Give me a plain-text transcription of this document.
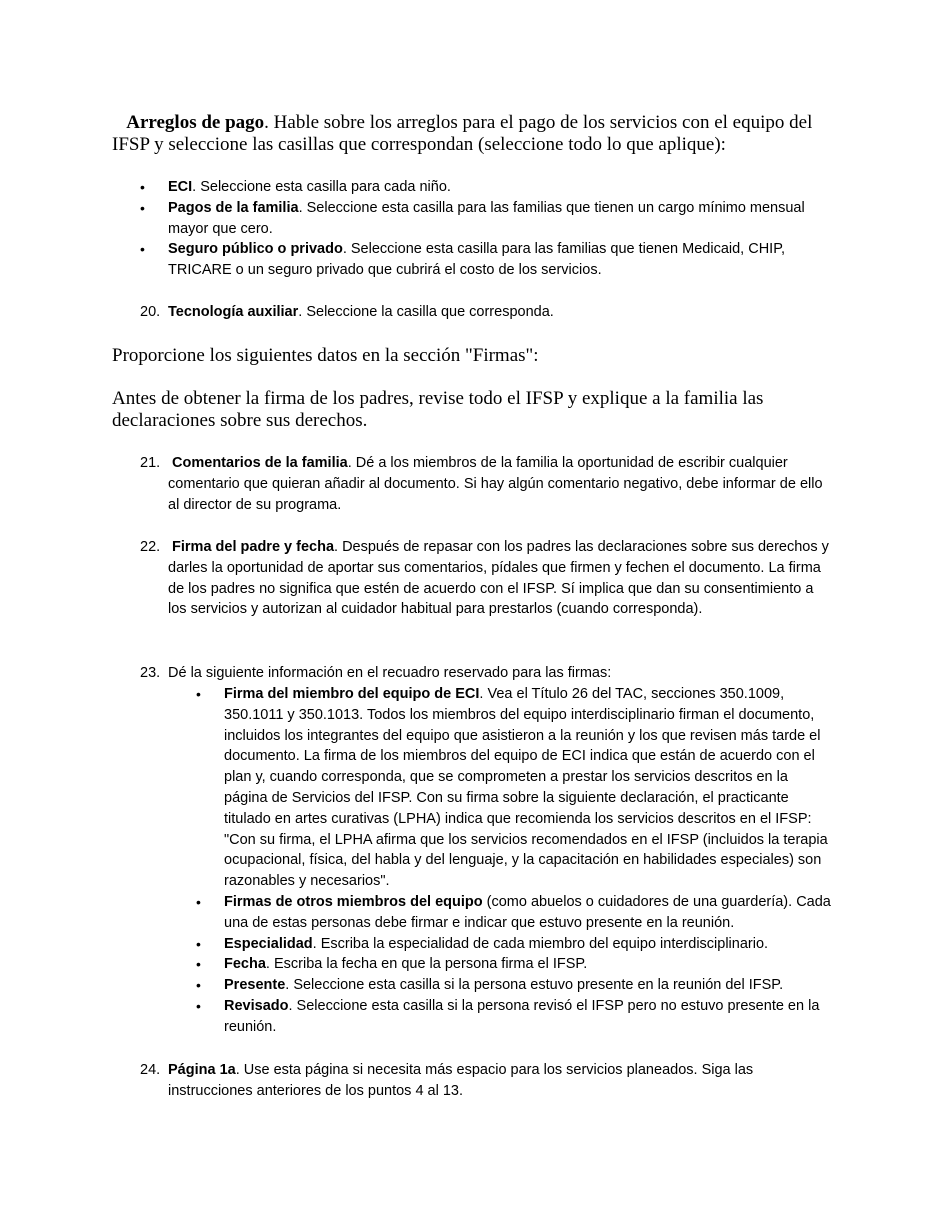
Arreglos de pago. Hable sobre los arreglos para el pago de los servicios con el equipo del IFSP y seleccione las casillas que correspondan (seleccione todo lo que aplique):

• ECI. Seleccione esta casilla para cada niño.
• Pagos de la familia. Seleccione esta casilla para las familias que tienen un cargo mínimo mensual mayor que cero.
• Seguro público o privado. Seleccione esta casilla para las familias que tienen Medicaid, CHIP, TRICARE o un seguro privado que cubrirá el costo de los servicios.

20. Tecnología auxiliar. Seleccione la casilla que corresponda.

Proporcione los siguientes datos en la sección "Firmas":

Antes de obtener la firma de los padres, revise todo el IFSP y explique a la familia las declaraciones sobre sus derechos.

21. Comentarios de la familia. Dé a los miembros de la familia la oportunidad de escribir cualquier comentario que quieran añadir al documento. Si hay algún comentario negativo, debe informar de ello al director de su programa.

22. Firma del padre y fecha. Después de repasar con los padres las declaraciones sobre sus derechos y darles la oportunidad de aportar sus comentarios, pídales que firmen y fechen el documento. La firma de los padres no significa que estén de acuerdo con el IFSP. Sí implica que dan su consentimiento a los servicios y autorizan al cuidador habitual para prestarlos (cuando corresponda).

23. Dé la siguiente información en el recuadro reservado para las firmas:

• Firma del miembro del equipo de ECI. Vea el Título 26 del TAC, secciones 350.1009, 350.1011 y 350.1013. Todos los miembros del equipo interdisciplinario firman el documento, incluidos los integrantes del equipo que asistieron a la reunión y los que revisen más tarde el documento. La firma de los miembros del equipo de ECI indica que están de acuerdo con el plan y, cuando corresponda, que se comprometen a prestar los servicios descritos en la página de Servicios del IFSP. Con su firma sobre la siguiente declaración, el practicante titulado en artes curativas (LPHA) indica que recomienda los servicios descritos en el IFSP: "Con su firma, el LPHA afirma que los servicios recomendados en el IFSP (incluidos la terapia ocupacional, física, del habla y del lenguaje, y la capacitación en habilidades especiales) son razonables y necesarios".
• Firmas de otros miembros del equipo (como abuelos o cuidadores de una guardería). Cada una de estas personas debe firmar e indicar que estuvo presente en la reunión.
• Especialidad. Escriba la especialidad de cada miembro del equipo interdisciplinario.
• Fecha. Escriba la fecha en que la persona firma el IFSP.
• Presente. Seleccione esta casilla si la persona estuvo presente en la reunión del IFSP.
• Revisado. Seleccione esta casilla si la persona revisó el IFSP pero no estuvo presente en la reunión.

24. Página 1a. Use esta página si necesita más espacio para los servicios planeados. Siga las instrucciones anteriores de los puntos 4 al 13.
